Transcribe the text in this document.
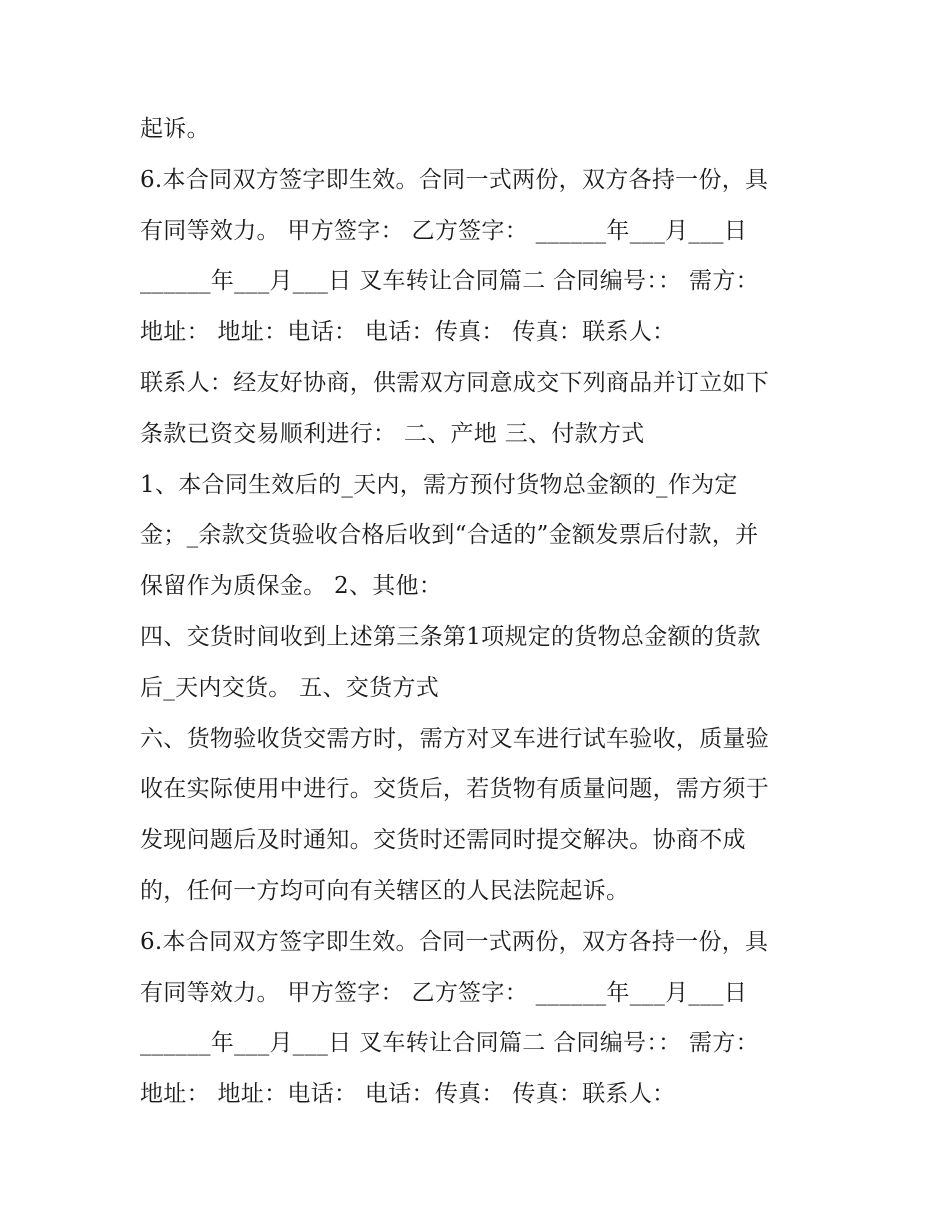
起诉。
6.本合同双方签字即生效。合同一式两份，双方各持一份，具
有同等效力。 甲方签字： 乙方签字： ______年___月___日
______年___月___日 叉车转让合同篇二 合同编号：： 需方：
地址： 地址：电话： 电话：传真： 传真：联系人：
联系人：经友好协商，供需双方同意成交下列商品并订立如下
条款已资交易顺利进行： 二、产地 三、付款方式
1、本合同生效后的_天内，需方预付货物总金额的_作为定
金；_余款交货验收合格后收到“合适的”金额发票后付款，并
保留作为质保金。 2、其他：
四、交货时间收到上述第三条第1项规定的货物总金额的货款
后_天内交货。 五、交货方式
六、货物验收货交需方时，需方对叉车进行试车验收，质量验
收在实际使用中进行。交货后，若货物有质量问题，需方须于
发现问题后及时通知。交货时还需同时提交解决。协商不成
的，任何一方均可向有关辖区的人民法院起诉。
6.本合同双方签字即生效。合同一式两份，双方各持一份，具
有同等效力。 甲方签字： 乙方签字： ______年___月___日
______年___月___日 叉车转让合同篇二 合同编号：： 需方：
地址： 地址：电话： 电话：传真： 传真：联系人：
